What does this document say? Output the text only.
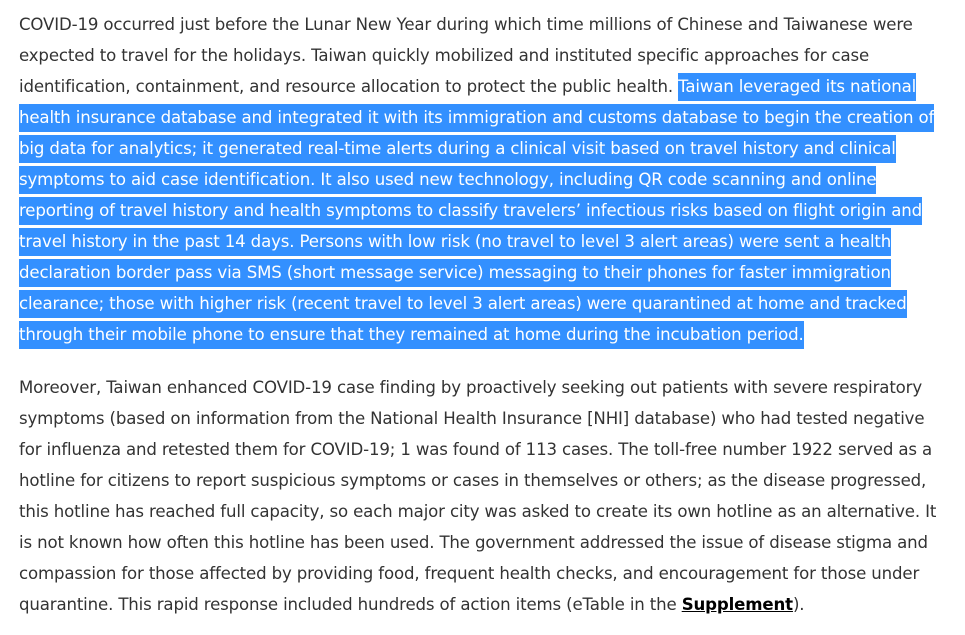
COVID-19 occurred just before the Lunar New Year during which time millions of Chinese and Taiwanese were expected to travel for the holidays. Taiwan quickly mobilized and instituted specific approaches for case identification, containment, and resource allocation to protect the public health. Taiwan leveraged its national health insurance database and integrated it with its immigration and customs database to begin the creation of big data for analytics; it generated real-time alerts during a clinical visit based on travel history and clinical symptoms to aid case identification. It also used new technology, including QR code scanning and online reporting of travel history and health symptoms to classify travelers’ infectious risks based on flight origin and travel history in the past 14 days. Persons with low risk (no travel to level 3 alert areas) were sent a health declaration border pass via SMS (short message service) messaging to their phones for faster immigration clearance; those with higher risk (recent travel to level 3 alert areas) were quarantined at home and tracked through their mobile phone to ensure that they remained at home during the incubation period.

Moreover, Taiwan enhanced COVID-19 case finding by proactively seeking out patients with severe respiratory symptoms (based on information from the National Health Insurance [NHI] database) who had tested negative for influenza and retested them for COVID-19; 1 was found of 113 cases. The toll-free number 1922 served as a hotline for citizens to report suspicious symptoms or cases in themselves or others; as the disease progressed, this hotline has reached full capacity, so each major city was asked to create its own hotline as an alternative. It is not known how often this hotline has been used. The government addressed the issue of disease stigma and compassion for those affected by providing food, frequent health checks, and encouragement for those under quarantine. This rapid response included hundreds of action items (eTable in the Supplement).
